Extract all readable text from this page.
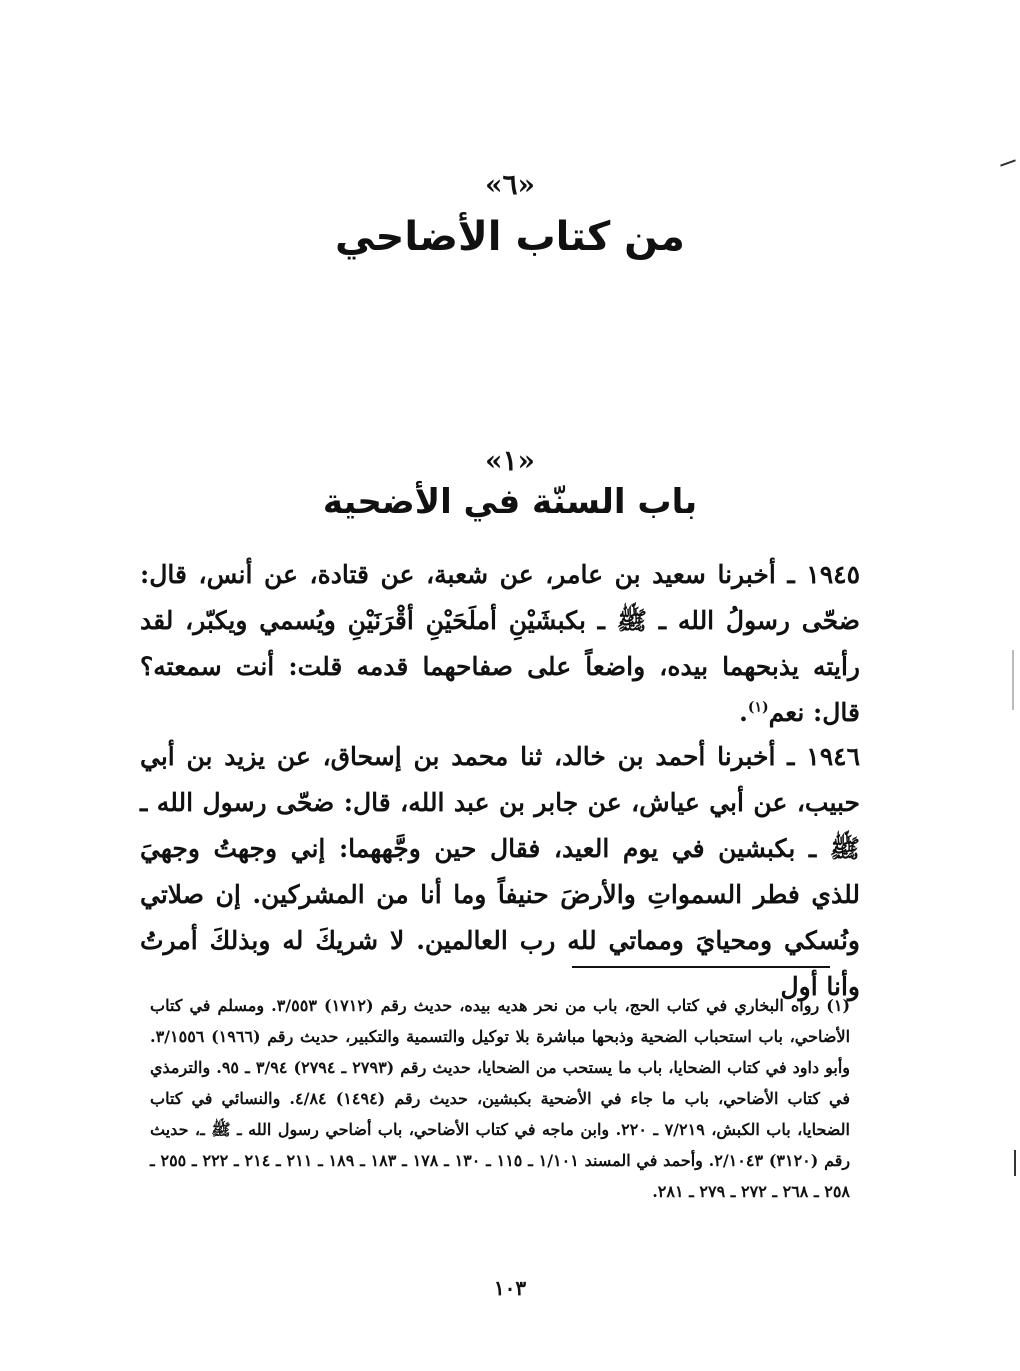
«٦»
من كتاب الأضاحي
«١»
باب السنّة في الأضحية
١٩٤٥ ـ أخبرنا سعيد بن عامر، عن شعبة، عن قتادة، عن أنس، قال: ضحّى رسولُ الله ـ ﷺ ـ بكبشَيْنِ أملَحَيْنِ أقْرَنَيْنِ ويُسمي ويكبّر، لقد رأيته يذبحهما بيده، واضعاً على صفاحهما قدمه قلت: أنت سمعته؟ قال: نعم$^{(١)}$.
١٩٤٦ ـ أخبرنا أحمد بن خالد، ثنا محمد بن إسحاق، عن يزيد بن أبي حبيب، عن أبي عياش، عن جابر بن عبد الله، قال: ضحّى رسول الله ـ ﷺ ـ بكبشين في يوم العيد، فقال حين وجَّههما: إني وجهتُ وجهيَ للذي فطر السمواتِ والأرضَ حنيفاً وما أنا من المشركين. إن صلاتي ونُسكي ومحيايَ ومماتي لله رب العالمين. لا شريكَ له وبذلكَ أمرتُ وأنا أول
(١) رواه البخاري في كتاب الحج، باب من نحر هديه بيده، حديث رقم (١٧١٢) ٣/٥٥٣. ومسلم في كتاب الأضاحي، باب استحباب الضحية وذبحها مباشرة بلا توكيل والتسمية والتكبير، حديث رقم (١٩٦٦) ٣/١٥٥٦. وأبو داود في كتاب الضحايا، باب ما يستحب من الضحايا، حديث رقم (٢٧٩٣ ـ ٢٧٩٤) ٣/٩٤ ـ ٩٥. والترمذي في كتاب الأضاحي، باب ما جاء في الأضحية بكبشين، حديث رقم (١٤٩٤) ٤/٨٤. والنسائي في كتاب الضحايا، باب الكبش، ٧/٢١٩ ـ ٢٢٠. وابن ماجه في كتاب الأضاحي، باب أضاحي رسول الله ـ ﷺ ـ، حديث رقم (٣١٢٠) ٢/١٠٤٣. وأحمد في المسند ١/١٠١ ـ ١١٥ ـ ١٣٠ ـ ١٧٨ ـ ١٨٣ ـ ١٨٩ ـ ٢١١ ـ ٢١٤ ـ ٢٢٢ ـ ٢٥٥ ـ ٢٥٨ ـ ٢٦٨ ـ ٢٧٢ ـ ٢٧٩ ـ ٢٨١.
١٠٣
